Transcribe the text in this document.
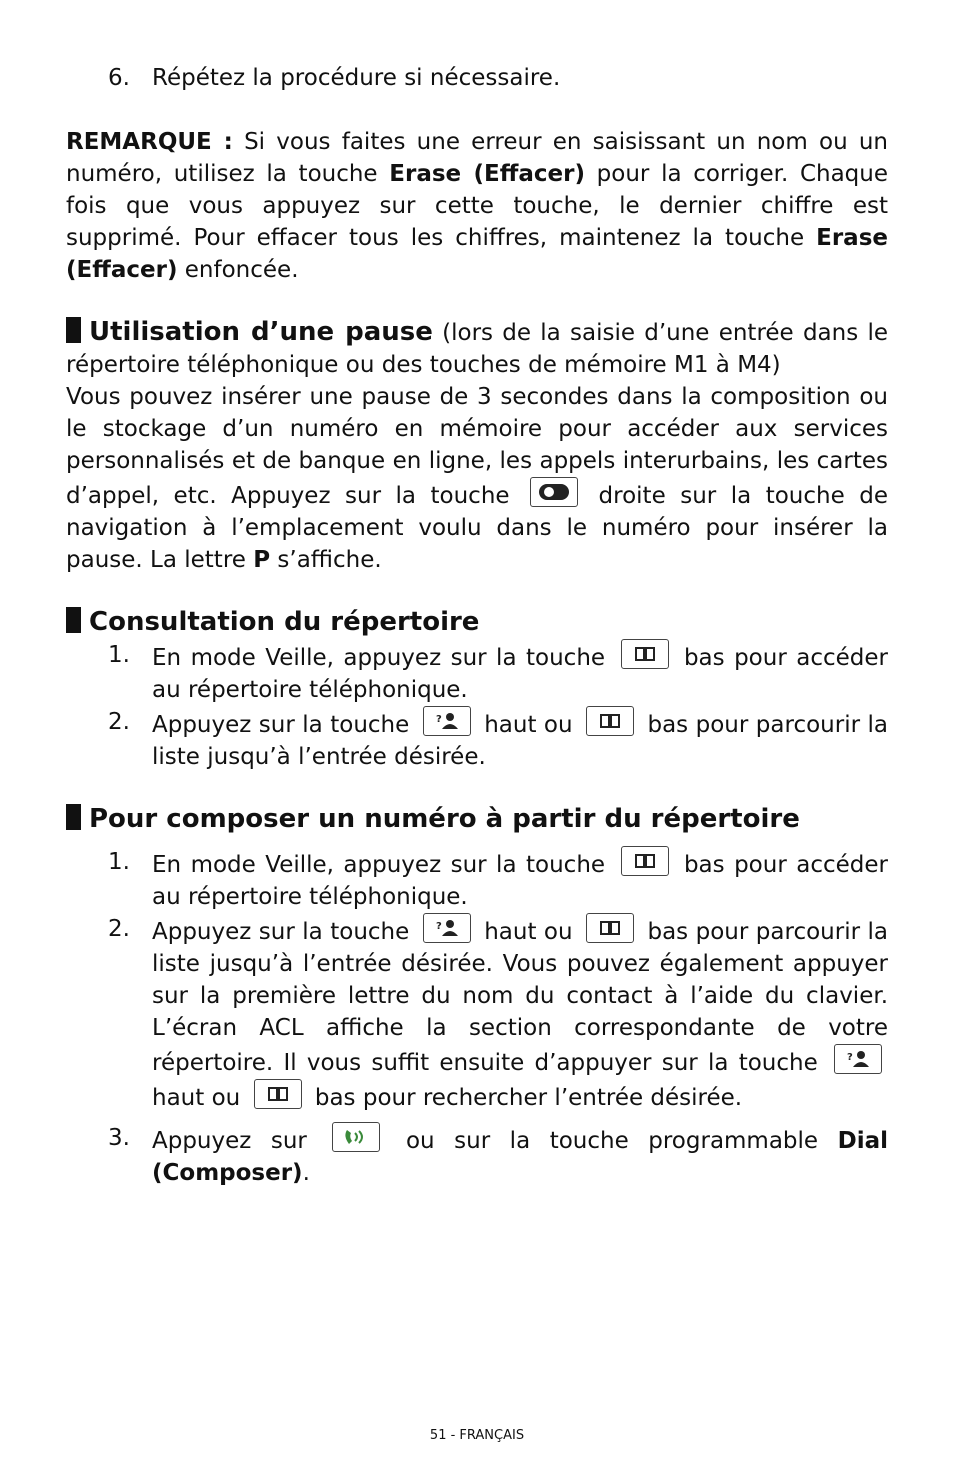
6. Répétez la procédure si nécessaire.

REMARQUE : Si vous faites une erreur en saisissant un nom ou un numéro, utilisez la touche Erase (Effacer) pour la corriger. Chaque fois que vous appuyez sur cette touche, le dernier chiffre est supprimé. Pour effacer tous les chiffres, maintenez la touche Erase (Effacer) enfoncée.

Utilisation d’une pause (lors de la saisie d’une entrée dans le répertoire téléphonique ou des touches de mémoire M1 à M4)

Vous pouvez insérer une pause de 3 secondes dans la composition ou le stockage d’un numéro en mémoire pour accéder aux services personnalisés et de banque en ligne, les appels interurbains, les cartes d’appel, etc. Appuyez sur la touche	droite sur la touche de navigation à l’emplacement voulu dans le numéro pour insérer la pause. La lettre P s’affiche.

Consultation du répertoire

1. En mode Veille, appuyez sur la touche	bas pour accéder au répertoire téléphonique.
2. Appuyez sur la touche ? haut ou	bas pour parcourir la liste jusqu’à l’entrée désirée.

Pour composer un numéro à partir du répertoire

1. En mode Veille, appuyez sur la touche	bas pour accéder au répertoire téléphonique.
2. Appuyez sur la touche ? haut ou	bas pour parcourir la liste jusqu’à l’entrée désirée. Vous pouvez également appuyer sur la première lettre du nom du contact à l’aide du clavier. L’écran ACL affiche la section correspondante de votre répertoire. Il vous suffit ensuite d’appuyer sur la touche ?
haut ou	bas pour rechercher l’entrée désirée.
3. Appuyez sur	ou sur la touche programmable Dial (Composer).
51 - FRANÇAIS
